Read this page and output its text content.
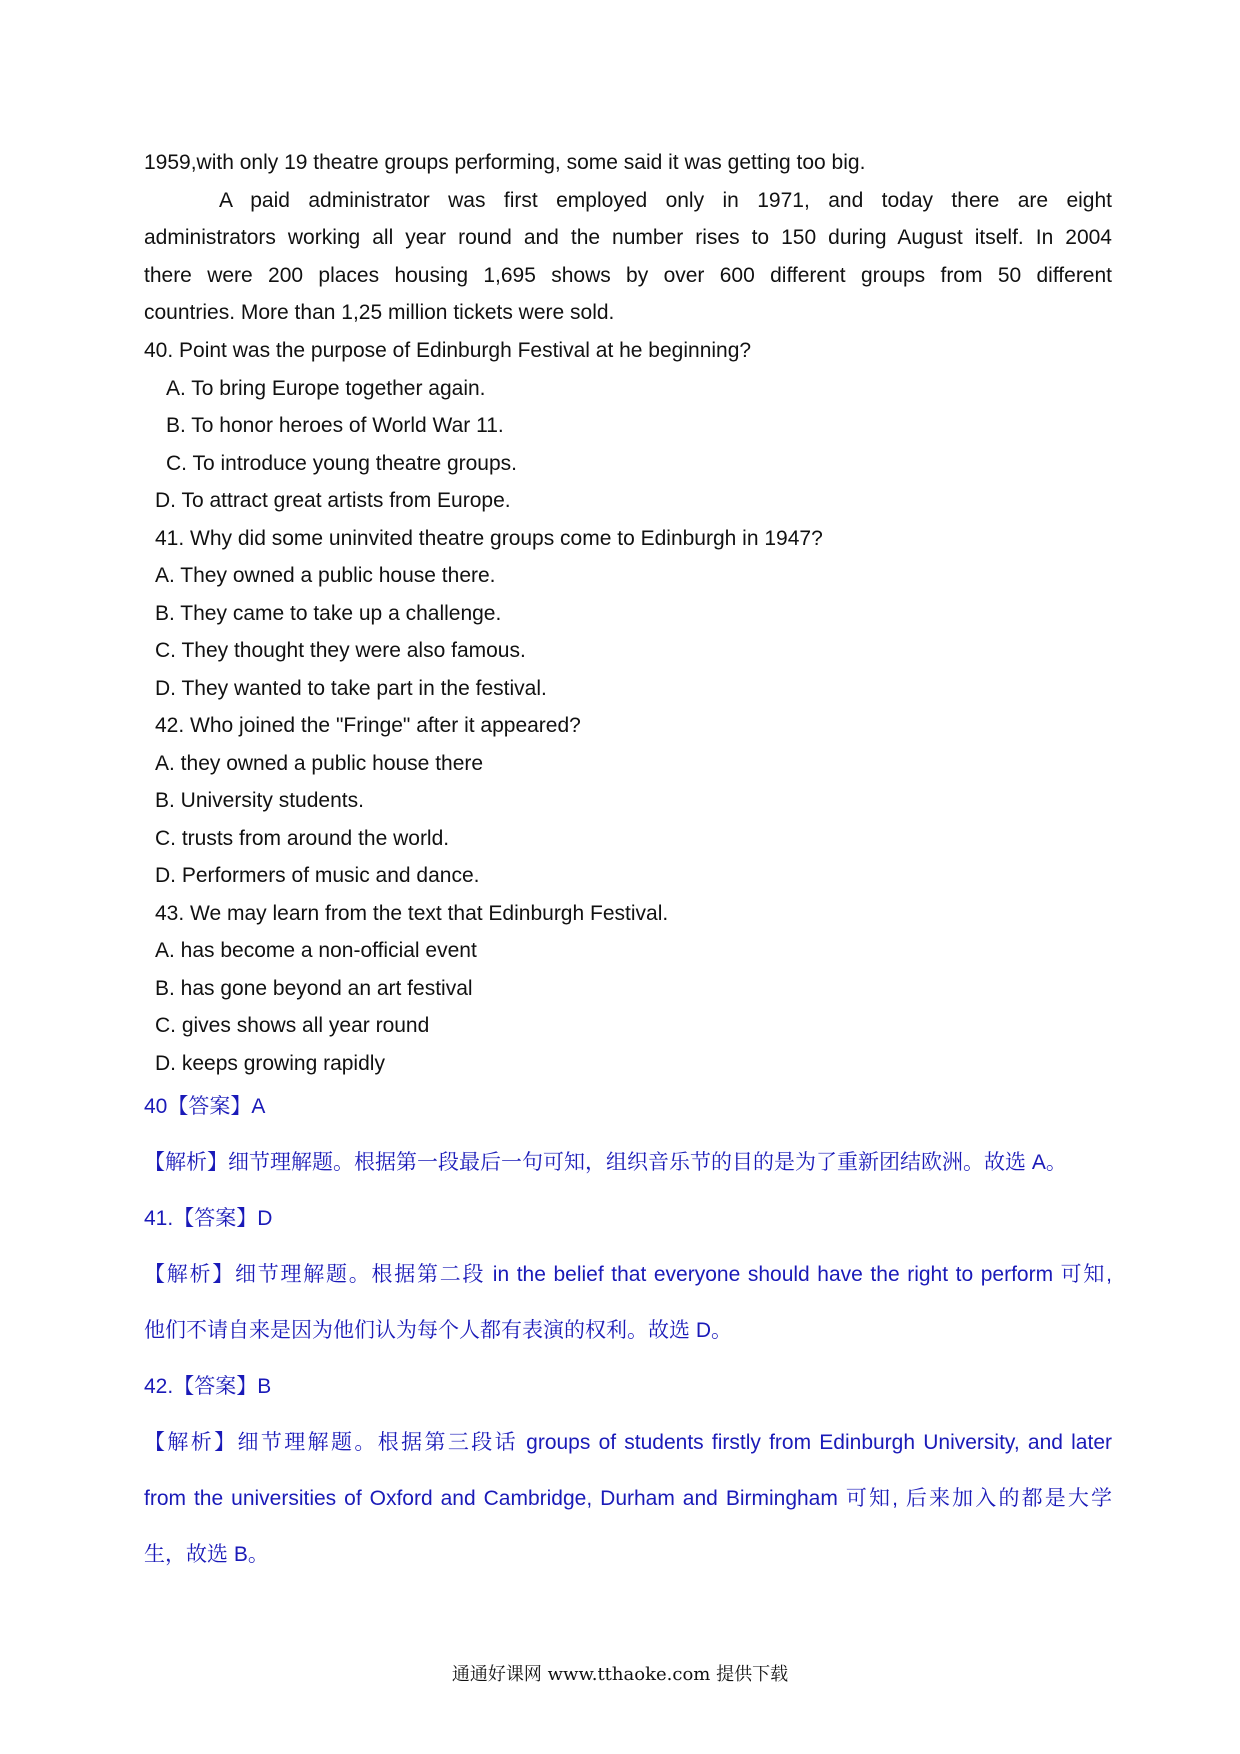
1959,with only 19 theatre groups performing, some said it was getting too big.
A paid administrator was first employed only in 1971, and today there are eight
administrators working all year round and the number rises to 150 during August itself. In 2004
there were 200 places housing 1,695 shows by over 600 different groups from 50 different
countries. More than 1,25 million tickets were sold.
40. Point was the purpose of Edinburgh Festival at he beginning?
A. To bring Europe together again.
B. To honor heroes of World War 11.
C. To introduce young theatre groups.
D. To attract great artists from Europe.
41. Why did some uninvited theatre groups come to Edinburgh in 1947?
A. They owned a public house there.
B. They came to take up a challenge.
C. They thought they were also famous.
D. They wanted to take part in the festival.
42. Who joined the "Fringe" after it appeared?
A. they owned a public house there
B. University students.
C. trusts from around the world.
D. Performers of music and dance.
43. We may learn from the text that Edinburgh Festival.
A. has become a non-official event
B. has gone beyond an art festival
C. gives shows all year round
D. keeps growing rapidly
40【答案】A
【解析】细节理解题。根据第一段最后一句可知，组织音乐节的目的是为了重新团结欧洲。故选 A。
41.【答案】D
【解析】细节理解题。根据第二段 in the belief that everyone should have the right to perform 可知,
他们不请自来是因为他们认为每个人都有表演的权利。故选 D。
42.【答案】B
【解析】细节理解题。根据第三段话 groups of students firstly from Edinburgh University, and later
from the universities of Oxford and Cambridge, Durham and Birmingham 可知, 后来加入的都是大学
生，故选 B。
通通好课网 www.tthaoke.com 提供下载
